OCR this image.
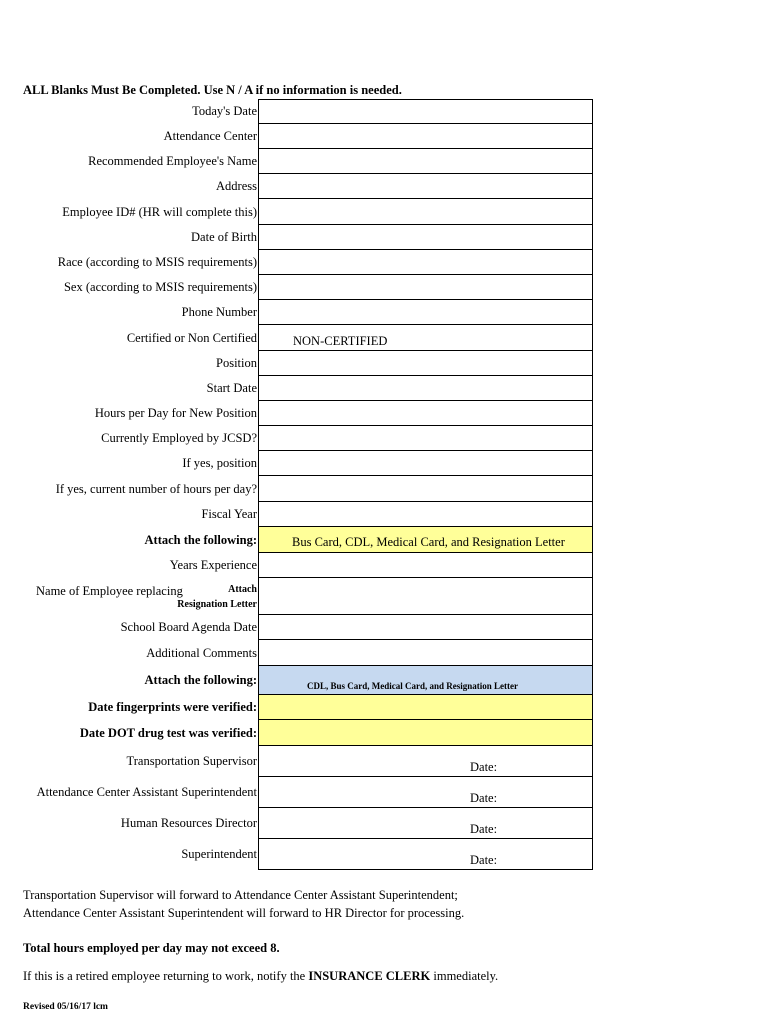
ALL Blanks Must Be Completed. Use N / A if no information is needed.
Today's Date
Attendance Center
Recommended Employee's Name
Address
Employee ID# (HR will complete this)
Date of Birth
Race (according to MSIS requirements)
Sex (according to MSIS requirements)
Phone Number
Certified or Non Certified	NON-CERTIFIED
Position
Start Date
Hours per Day for New Position
Currently Employed by JCSD?
If yes, position
If yes, current number of hours per day?
Fiscal Year
Attach the following:	Bus Card, CDL, Medical Card, and Resignation Letter
Years Experience
Name of Employee replacing	Attach
Resignation Letter
School Board Agenda Date
Additional Comments
Attach the following:	CDL, Bus Card, Medical Card, and Resignation Letter
Date fingerprints were verified:
Date DOT drug test was verified:
Transportation Supervisor	Date:
Attendance Center Assistant Superintendent	Date:
Human Resources Director	Date:
Superintendent	Date:
Transportation Supervisor will forward to Attendance Center Assistant Superintendent;
Attendance Center Assistant Superintendent will forward to HR Director for processing.
Total hours employed per day may not exceed 8.
If this is a retired employee returning to work, notify the INSURANCE CLERK immediately.
Revised 05/16/17 lcm
